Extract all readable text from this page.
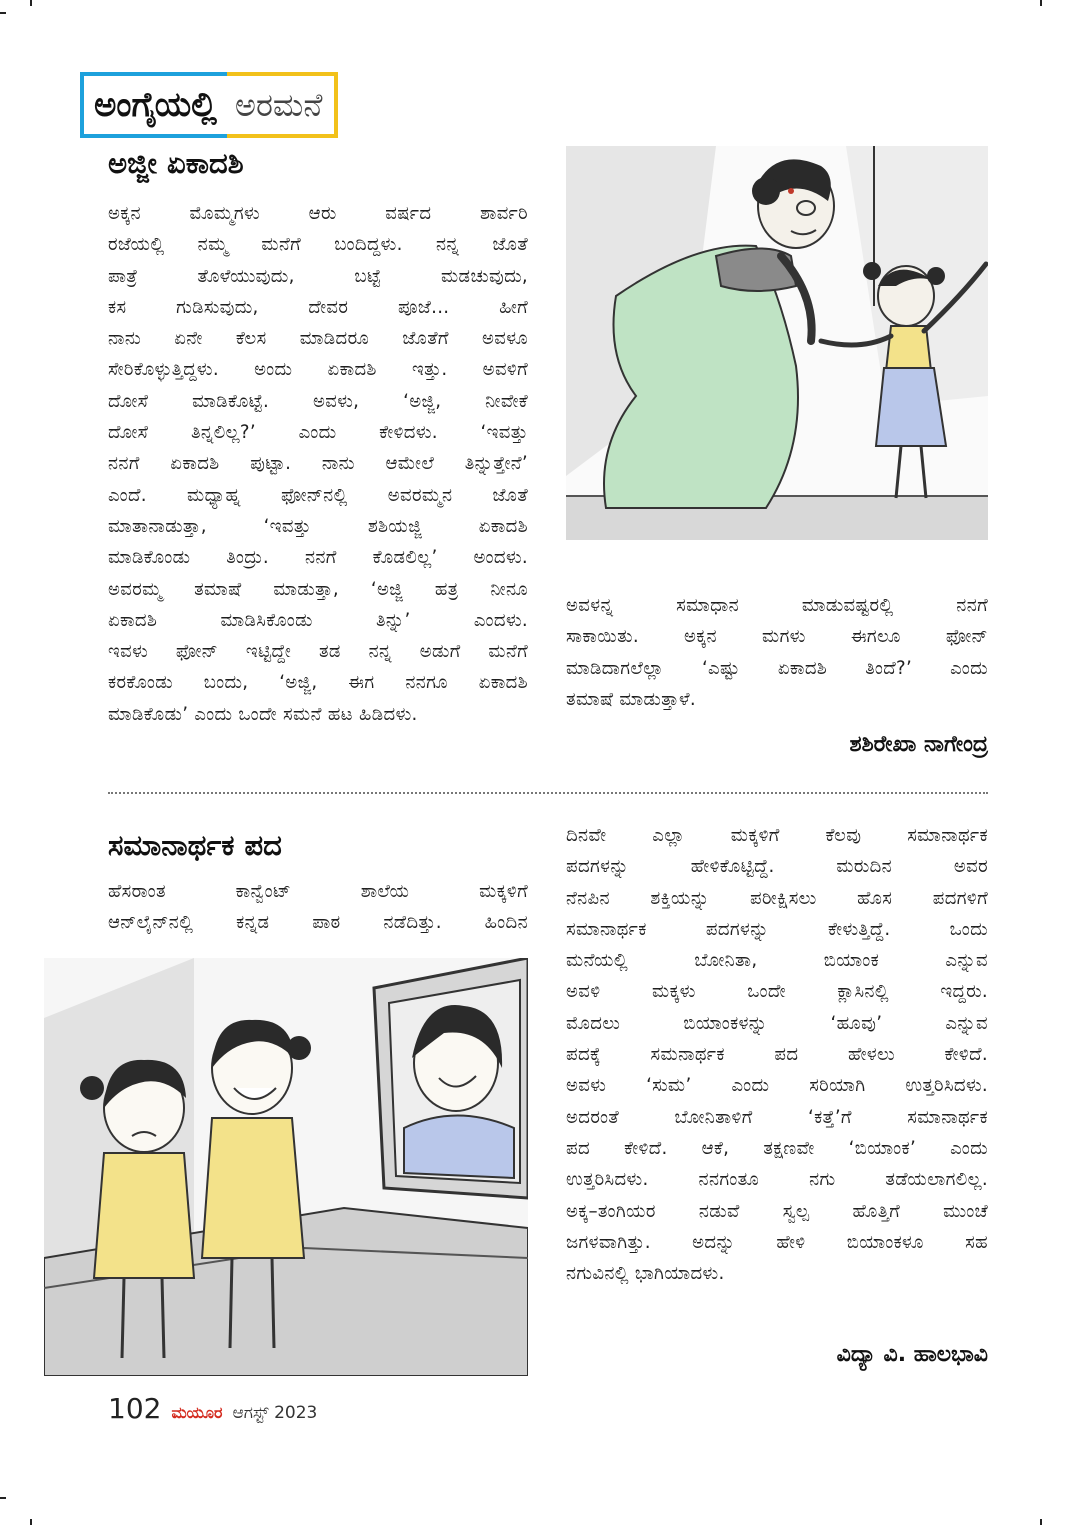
ಅಂಗೈಯಲ್ಲಿ ಅರಮನೆ
ಅಜ್ಜೀ ಏಕಾದಶಿ
ಅಕ್ಕನ ಮೊಮ್ಮಗಳು ಆರು ವರ್ಷದ ಶಾರ್ವರಿ
ರಜೆಯಲ್ಲಿ ನಮ್ಮ ಮನೆಗೆ ಬಂದಿದ್ದಳು. ನನ್ನ ಜೊತೆ
ಪಾತ್ರೆ ತೊಳೆಯುವುದು, ಬಟ್ಟೆ ಮಡಚುವುದು,
ಕಸ ಗುಡಿಸುವುದು, ದೇವರ ಪೂಜೆ... ಹೀಗೆ
ನಾನು ಏನೇ ಕೆಲಸ ಮಾಡಿದರೂ ಜೊತೆಗೆ ಅವಳೂ
ಸೇರಿಕೊಳ್ಳುತ್ತಿದ್ದಳು. ಅಂದು ಏಕಾದಶಿ ಇತ್ತು. ಅವಳಿಗೆ
ದೋಸೆ ಮಾಡಿಕೊಟ್ಟೆ. ಅವಳು, ‘ಅಜ್ಜಿ, ನೀವೇಕೆ
ದೋಸೆ ತಿನ್ನಲಿಲ್ಲ?’ ಎಂದು ಕೇಳಿದಳು. ‘ಇವತ್ತು
ನನಗೆ ಏಕಾದಶಿ ಪುಟ್ಟಾ. ನಾನು ಆಮೇಲೆ ತಿನ್ನುತ್ತೇನೆ’
ಎಂದೆ. ಮಧ್ಯಾಹ್ನ ಫೋನ್‌ನಲ್ಲಿ ಅವರಮ್ಮನ ಜೊತೆ
ಮಾತಾನಾಡುತ್ತಾ, ‘ಇವತ್ತು ಶಶಿಯಜ್ಜಿ ಏಕಾದಶಿ
ಮಾಡಿಕೊಂಡು ತಿಂದ್ರು. ನನಗೆ ಕೊಡಲಿಲ್ಲ’ ಅಂದಳು.
ಅವರಮ್ಮ ತಮಾಷೆ ಮಾಡುತ್ತಾ, ‘ಅಜ್ಜಿ ಹತ್ರ ನೀನೂ
ಏಕಾದಶಿ ಮಾಡಿಸಿಕೊಂಡು ತಿನ್ನು’ ಎಂದಳು.
ಇವಳು ಫೋನ್ ಇಟ್ಟಿದ್ದೇ ತಡ ನನ್ನ ಅಡುಗೆ ಮನೆಗೆ
ಕರಕೊಂಡು ಬಂದು, ‘ಅಜ್ಜಿ, ಈಗ ನನಗೂ ಏಕಾದಶಿ
ಮಾಡಿಕೊಡು’ ಎಂದು ಒಂದೇ ಸಮನೆ ಹಟ ಹಿಡಿದಳು.
ಅವಳನ್ನ ಸಮಾಧಾನ ಮಾಡುವಷ್ಟರಲ್ಲಿ ನನಗೆ
ಸಾಕಾಯಿತು. ಅಕ್ಕನ ಮಗಳು ಈಗಲೂ ಫೋನ್
ಮಾಡಿದಾಗಲೆಲ್ಲಾ ‘ಎಷ್ಟು ಏಕಾದಶಿ ತಿಂದೆ?’ ಎಂದು
ತಮಾಷೆ ಮಾಡುತ್ತಾಳೆ.

ಶಶಿರೇಖಾ ನಾಗೇಂದ್ರ

ಸಮಾನಾರ್ಥಕ ಪದ
ಹೆಸರಾಂತ ಕಾನ್ವೆಂಟ್ ಶಾಲೆಯ ಮಕ್ಕಳಿಗೆ
ಆನ್‌ಲೈನ್‌ನಲ್ಲಿ ಕನ್ನಡ ಪಾಠ ನಡೆದಿತ್ತು. ಹಿಂದಿನ
ದಿನವೇ ಎಲ್ಲಾ ಮಕ್ಕಳಿಗೆ ಕೆಲವು ಸಮಾನಾರ್ಥಕ
ಪದಗಳನ್ನು ಹೇಳಿಕೊಟ್ಟಿದ್ದೆ. ಮರುದಿನ ಅವರ
ನೆನಪಿನ ಶಕ್ತಿಯನ್ನು ಪರೀಕ್ಷಿಸಲು ಹೊಸ ಪದಗಳಿಗೆ
ಸಮಾನಾರ್ಥಕ ಪದಗಳನ್ನು ಕೇಳುತ್ತಿದ್ದೆ. ಒಂದು
ಮನೆಯಲ್ಲಿ ಬೋನಿತಾ, ಬಿಯಾಂಕ ಎನ್ನುವ
ಅವಳಿ ಮಕ್ಕಳು ಒಂದೇ ಕ್ಲಾಸಿನಲ್ಲಿ ಇದ್ದರು.
ಮೊದಲು ಬಿಯಾಂಕಳನ್ನು ‘ಹೂವು’ ಎನ್ನುವ
ಪದಕ್ಕೆ ಸಮನಾರ್ಥಕ ಪದ ಹೇಳಲು ಕೇಳಿದೆ.
ಅವಳು ‘ಸುಮ’ ಎಂದು ಸರಿಯಾಗಿ ಉತ್ತರಿಸಿದಳು.
ಅದರಂತೆ ಬೋನಿತಾಳಿಗೆ ‘ಕತ್ತೆ’ಗೆ ಸಮಾನಾರ್ಥಕ
ಪದ ಕೇಳಿದೆ. ಆಕೆ, ತಕ್ಷಣವೇ ‘ಬಿಯಾಂಕ’ ಎಂದು
ಉತ್ತರಿಸಿದಳು. ನನಗಂತೂ ನಗು ತಡೆಯಲಾಗಲಿಲ್ಲ.
ಅಕ್ಕ–ತಂಗಿಯರ ನಡುವೆ ಸ್ವಲ್ಪ ಹೊತ್ತಿಗೆ ಮುಂಚೆ
ಜಗಳವಾಗಿತ್ತು. ಅದನ್ನು ಹೇಳಿ ಬಿಯಾಂಕಳೂ ಸಹ
ನಗುವಿನಲ್ಲಿ ಭಾಗಿಯಾದಳು.

ವಿದ್ಯಾ ವಿ. ಹಾಲಭಾವಿ

102 ಮಯೂರ ಆಗಸ್ಟ್ 2023
